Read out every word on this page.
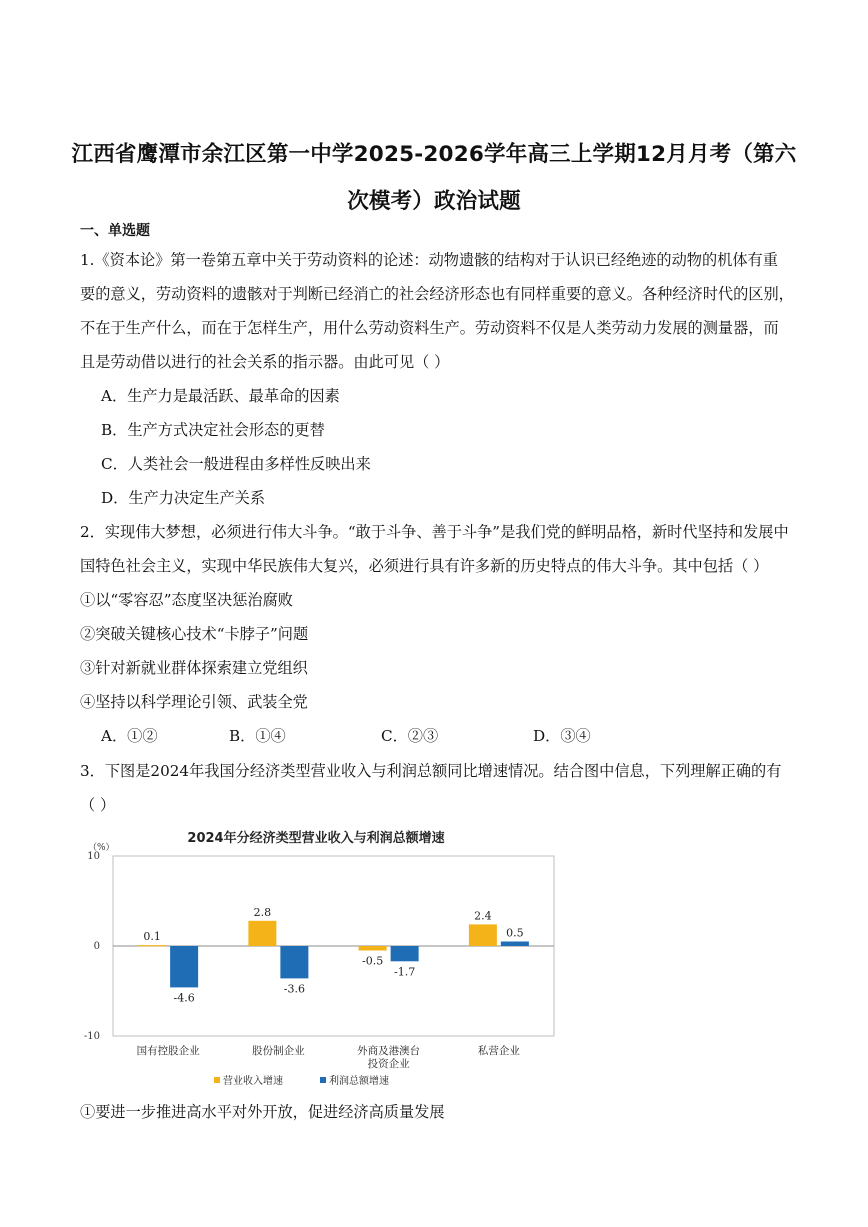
江西省鹰潭市余江区第一中学2025-2026学年高三上学期12月月考（第六
次模考）政治试题
一、单选题
1.《资本论》第一卷第五章中关于劳动资料的论述：动物遗骸的结构对于认识已经绝迹的动物的机体有重
要的意义，劳动资料的遗骸对于判断已经消亡的社会经济形态也有同样重要的意义。各种经济时代的区别，
不在于生产什么，而在于怎样生产，用什么劳动资料生产。劳动资料不仅是人类劳动力发展的测量器，而
且是劳动借以进行的社会关系的指示器。由此可见（ ）
A．生产力是最活跃、最革命的因素
B．生产方式决定社会形态的更替
C．人类社会一般进程由多样性反映出来
D．生产力决定生产关系
2．实现伟大梦想，必须进行伟大斗争。“敢于斗争、善于斗争”是我们党的鲜明品格，新时代坚持和发展中
国特色社会主义，实现中华民族伟大复兴，必须进行具有许多新的历史特点的伟大斗争。其中包括（ ）
①以“零容忍”态度坚决惩治腐败
②突破关键核心技术“卡脖子”问题
③针对新就业群体探索建立党组织
④坚持以科学理论引领、武装全党
A．①②	B．①④	C．②③	D．③④
3．下图是2024年我国分经济类型营业收入与利润总额同比增速情况。结合图中信息，下列理解正确的有
（ ）
2024年分经济类型营业收入与利润总额增速
（%）
10
0
-10
0.1
-4.6
国有控股企业
2.8
-3.6
股份制企业
-0.5
-1.7
外商及港澳台
投资企业
2.4
0.5
私营企业
营业收入增速	利润总额增速
①要进一步推进高水平对外开放，促进经济高质量发展
